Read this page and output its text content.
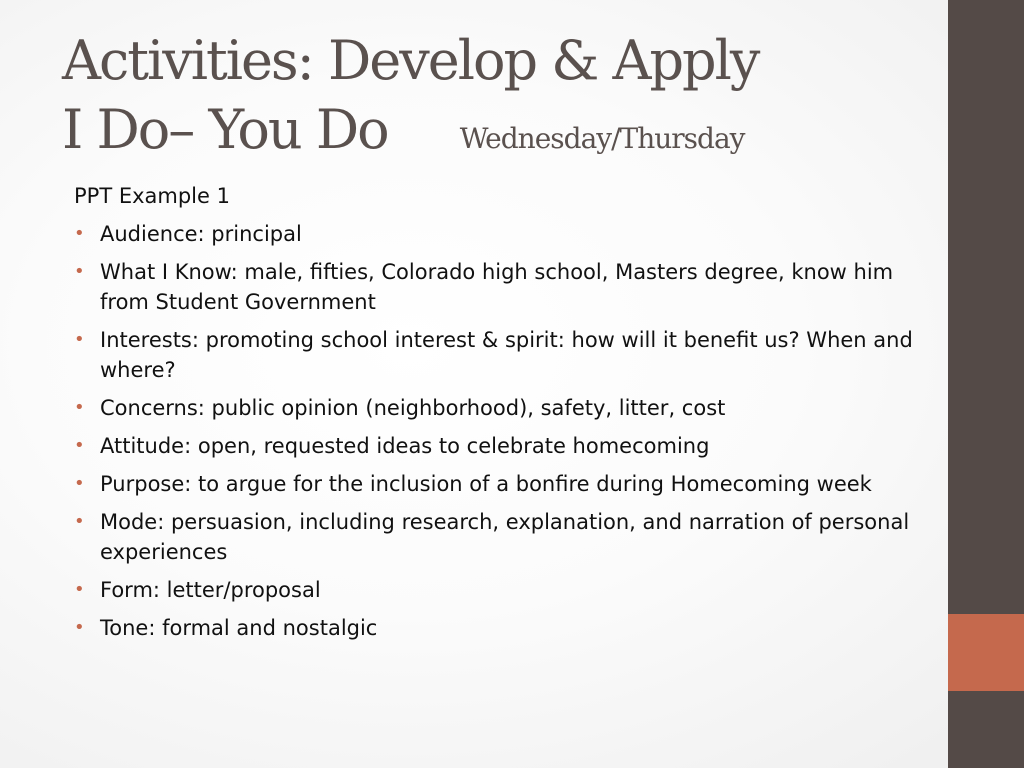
Activities: Develop & Apply
I Do– You Do	Wednesday/Thursday
PPT Example 1
• Audience: principal
• What I Know: male, fifties, Colorado high school, Masters degree, know him from Student Government
• Interests: promoting school interest & spirit: how will it benefit us? When and where?
• Concerns: public opinion (neighborhood), safety, litter, cost
• Attitude: open, requested ideas to celebrate homecoming
• Purpose: to argue for the inclusion of a bonfire during Homecoming week
• Mode: persuasion, including research, explanation, and narration of personal experiences
• Form: letter/proposal
• Tone: formal and nostalgic
